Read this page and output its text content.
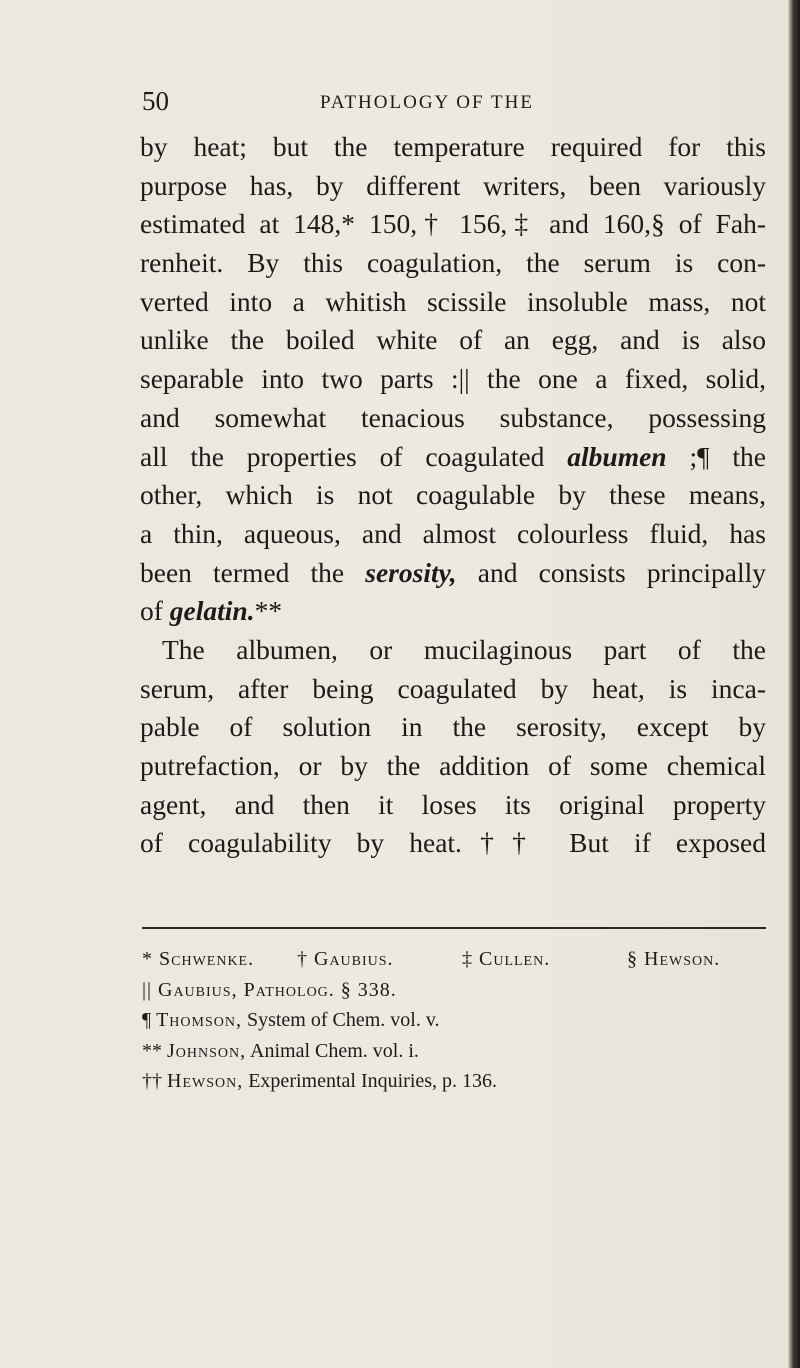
50	PATHOLOGY OF THE
by heat; but the temperature required for this
purpose has, by different writers, been variously
estimated at 148,* 150,† 156,‡ and 160,§ of Fah-
renheit. By this coagulation, the serum is con-
verted into a whitish scissile insoluble mass, not
unlike the boiled white of an egg, and is also
separable into two parts :|| the one a fixed, solid,
and somewhat tenacious substance, possessing
all the properties of coagulated albumen ;¶ the
other, which is not coagulable by these means,
a thin, aqueous, and almost colourless fluid, has
been termed the serosity, and consists principally
of gelatin.**
The albumen, or mucilaginous part of the
serum, after being coagulated by heat, is inca-
pable of solution in the serosity, except by
putrefaction, or by the addition of some chemical
agent, and then it loses its original property
of coagulability by heat.†† But if exposed
* Schwenke. † Gaubius.	‡ Cullen.	§ Hewson.
|| Gaubius, Patholog. § 338.
¶ Thomson, System of Chem. vol. v.
** Johnson, Animal Chem. vol. i.
†† Hewson, Experimental Inquiries, p. 136.
